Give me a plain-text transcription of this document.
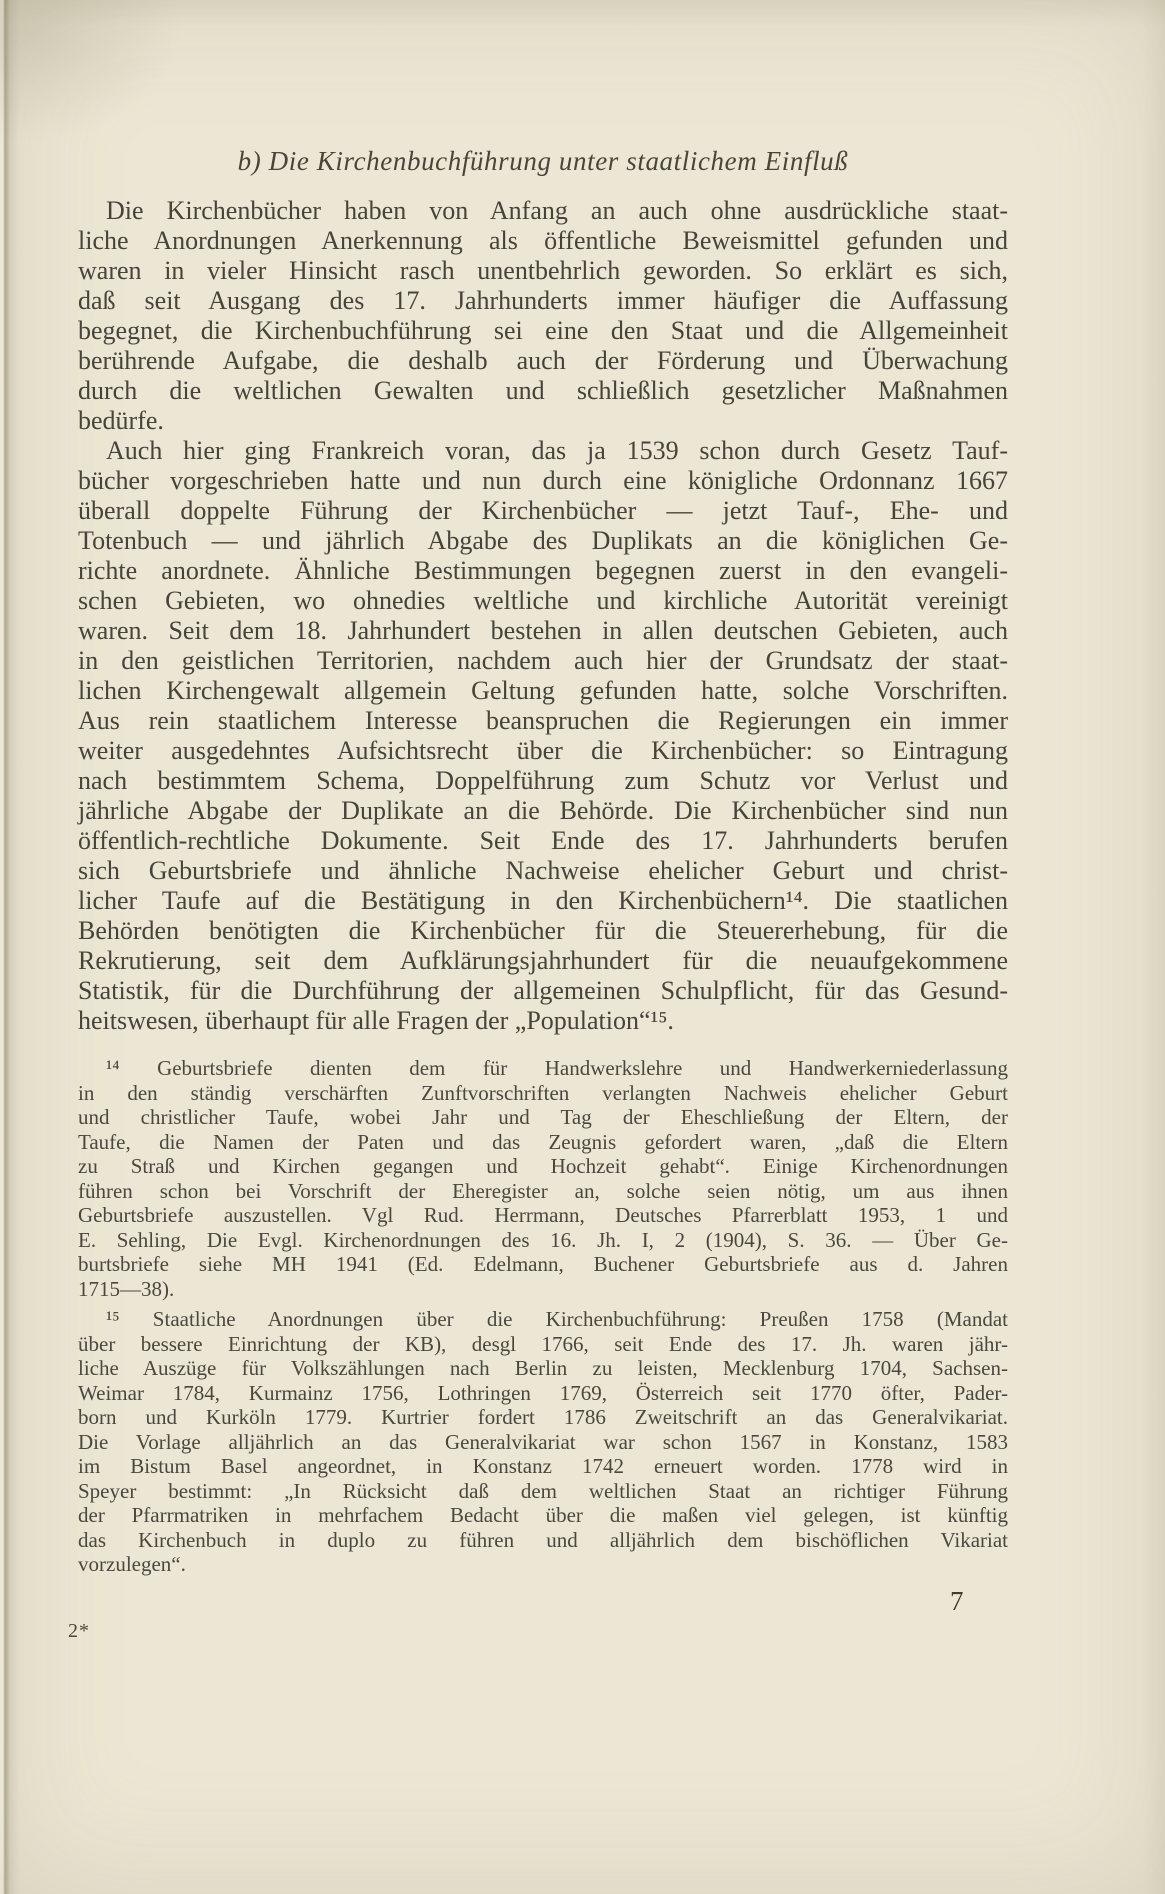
b) Die Kirchenbuchführung unter staatlichem Einfluß
Die Kirchenbücher haben von Anfang an auch ohne ausdrückliche staat-
liche Anordnungen Anerkennung als öffentliche Beweismittel gefunden und
waren in vieler Hinsicht rasch unentbehrlich geworden. So erklärt es sich,
daß seit Ausgang des 17. Jahrhunderts immer häufiger die Auffassung
begegnet, die Kirchenbuchführung sei eine den Staat und die Allgemeinheit
berührende Aufgabe, die deshalb auch der Förderung und Überwachung
durch die weltlichen Gewalten und schließlich gesetzlicher Maßnahmen
bedürfe.
Auch hier ging Frankreich voran, das ja 1539 schon durch Gesetz Tauf-
bücher vorgeschrieben hatte und nun durch eine königliche Ordonnanz 1667
überall doppelte Führung der Kirchenbücher — jetzt Tauf-, Ehe- und
Totenbuch — und jährlich Abgabe des Duplikats an die königlichen Ge-
richte anordnete. Ähnliche Bestimmungen begegnen zuerst in den evangeli-
schen Gebieten, wo ohnedies weltliche und kirchliche Autorität vereinigt
waren. Seit dem 18. Jahrhundert bestehen in allen deutschen Gebieten, auch
in den geistlichen Territorien, nachdem auch hier der Grundsatz der staat-
lichen Kirchengewalt allgemein Geltung gefunden hatte, solche Vorschriften.
Aus rein staatlichem Interesse beanspruchen die Regierungen ein immer
weiter ausgedehntes Aufsichtsrecht über die Kirchenbücher: so Eintragung
nach bestimmtem Schema, Doppelführung zum Schutz vor Verlust und
jährliche Abgabe der Duplikate an die Behörde. Die Kirchenbücher sind nun
öffentlich-rechtliche Dokumente. Seit Ende des 17. Jahrhunderts berufen
sich Geburtsbriefe und ähnliche Nachweise ehelicher Geburt und christ-
licher Taufe auf die Bestätigung in den Kirchenbüchern¹⁴. Die staatlichen
Behörden benötigten die Kirchenbücher für die Steuererhebung, für die
Rekrutierung, seit dem Aufklärungsjahrhundert für die neuaufgekommene
Statistik, für die Durchführung der allgemeinen Schulpflicht, für das Gesund-
heitswesen, überhaupt für alle Fragen der „Population“¹⁵.
¹⁴ Geburtsbriefe dienten dem für Handwerkslehre und Handwerkerniederlassung
in den ständig verschärften Zunftvorschriften verlangten Nachweis ehelicher Geburt
und christlicher Taufe, wobei Jahr und Tag der Eheschließung der Eltern, der
Taufe, die Namen der Paten und das Zeugnis gefordert waren, „daß die Eltern
zu Straß und Kirchen gegangen und Hochzeit gehabt“. Einige Kirchenordnungen
führen schon bei Vorschrift der Eheregister an, solche seien nötig, um aus ihnen
Geburtsbriefe auszustellen. Vgl Rud. Herrmann, Deutsches Pfarrerblatt 1953, 1 und
E. Sehling, Die Evgl. Kirchenordnungen des 16. Jh. I, 2 (1904), S. 36. — Über Ge-
burtsbriefe siehe MH 1941 (Ed. Edelmann, Buchener Geburtsbriefe aus d. Jahren
1715—38).
¹⁵ Staatliche Anordnungen über die Kirchenbuchführung: Preußen 1758 (Mandat
über bessere Einrichtung der KB), desgl 1766, seit Ende des 17. Jh. waren jähr-
liche Auszüge für Volkszählungen nach Berlin zu leisten, Mecklenburg 1704, Sachsen-
Weimar 1784, Kurmainz 1756, Lothringen 1769, Österreich seit 1770 öfter, Pader-
born und Kurköln 1779. Kurtrier fordert 1786 Zweitschrift an das Generalvikariat.
Die Vorlage alljährlich an das Generalvikariat war schon 1567 in Konstanz, 1583
im Bistum Basel angeordnet, in Konstanz 1742 erneuert worden. 1778 wird in
Speyer bestimmt: „In Rücksicht daß dem weltlichen Staat an richtiger Führung
der Pfarrmatriken in mehrfachem Bedacht über die maßen viel gelegen, ist künftig
das Kirchenbuch in duplo zu führen und alljährlich dem bischöflichen Vikariat
vorzulegen“.
7
2*
